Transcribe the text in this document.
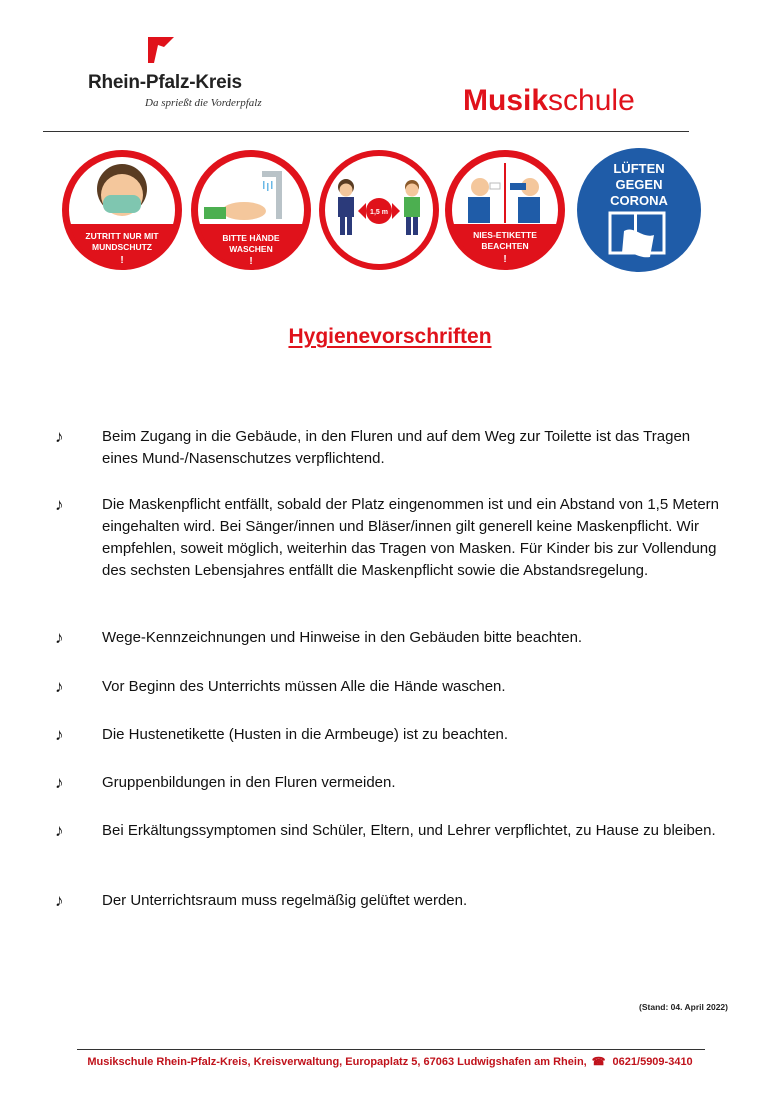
Rhein-Pfalz-Kreis
Da sprießt die Vorderpfalz	Musikschule
ZUTRITT NUR MIT
MUNDSCHUTZ
!
BITTE HÄNDE
WASCHEN
!
1,5 m
NIES-ETIKETTE
BEACHTEN
!
LÜFTEN
GEGEN
CORONA
Hygienevorschriften
♪	Beim Zugang in die Gebäude, in den Fluren und auf dem Weg zur Toilette ist das Tragen eines Mund-/Nasenschutzes verpflichtend.
♪	Die Maskenpflicht entfällt, sobald der Platz eingenommen ist und ein Abstand von 1,5 Metern eingehalten wird. Bei Sänger/innen und Bläser/innen gilt generell keine Maskenpflicht. Wir empfehlen, soweit möglich, weiterhin das Tragen von Masken. Für Kinder bis zur Vollendung des sechsten Lebensjahres entfällt die Maskenpflicht sowie die Abstandsregelung.
♪	Wege-Kennzeichnungen und Hinweise in den Gebäuden bitte beachten.
♪	Vor Beginn des Unterrichts müssen Alle die Hände waschen.
♪	Die Hustenetikette (Husten in die Armbeuge) ist zu beachten.
♪	Gruppenbildungen in den Fluren vermeiden.
♪	Bei Erkältungssymptomen sind Schüler, Eltern, und Lehrer verpflichtet, zu Hause zu bleiben.
♪	Der Unterrichtsraum muss regelmäßig gelüftet werden.
(Stand: 04. April 2022)
Musikschule Rhein-Pfalz-Kreis, Kreisverwaltung, Europaplatz 5, 67063 Ludwigshafen am Rhein, ☎ 0621/5909-3410
